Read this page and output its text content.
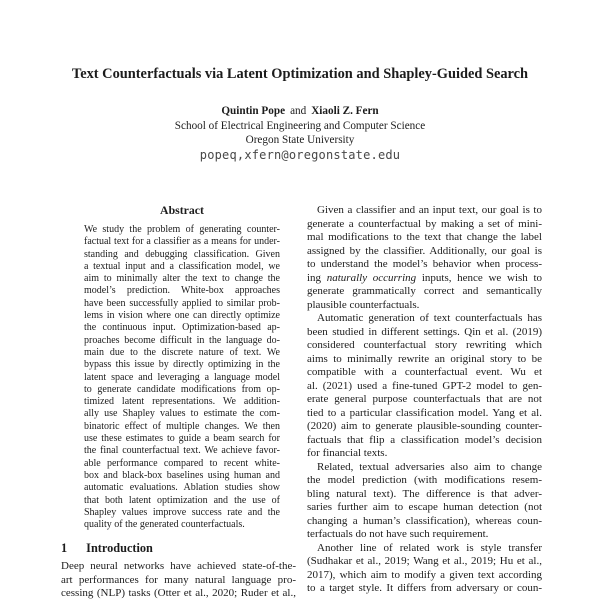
Text Counterfactuals via Latent Optimization and Shapley-Guided Search
Quintin Pope and Xiaoli Z. Fern
School of Electrical Engineering and Computer Science
Oregon State University
popeq,xfern@oregonstate.edu
Abstract
We study the problem of generating counter-
factual text for a classifier as a means for under-
standing and debugging classification. Given
a textual input and a classification model, we
aim to minimally alter the text to change the
model’s prediction. White-box approaches
have been successfully applied to similar prob-
lems in vision where one can directly optimize
the continuous input. Optimization-based ap-
proaches become difficult in the language do-
main due to the discrete nature of text. We
bypass this issue by directly optimizing in the
latent space and leveraging a language model
to generate candidate modifications from op-
timized latent representations. We addition-
ally use Shapley values to estimate the com-
binatoric effect of multiple changes. We then
use these estimates to guide a beam search for
the final counterfactual text. We achieve favor-
able performance compared to recent white-
box and black-box baselines using human and
automatic evaluations. Ablation studies show
that both latent optimization and the use of
Shapley values improve success rate and the
quality of the generated counterfactuals.
1 Introduction
Deep neural networks have achieved state-of-the-
art performances for many natural language pro-
cessing (NLP) tasks (Otter et al., 2020; Ruder et al.,
Given a classifier and an input text, our goal is to
generate a counterfactual by making a set of mini-
mal modifications to the text that change the label
assigned by the classifier. Additionally, our goal is
to understand the model’s behavior when process-
ing naturally occurring inputs, hence we wish to
generate grammatically correct and semantically
plausible counterfactuals.
Automatic generation of text counterfactuals has
been studied in different settings. Qin et al. (2019)
considered counterfactual story rewriting which
aims to minimally rewrite an original story to be
compatible with a counterfactual event. Wu et
al. (2021) used a fine-tuned GPT-2 model to gen-
erate general purpose counterfactuals that are not
tied to a particular classification model. Yang et al.
(2020) aim to generate plausible-sounding counter-
factuals that flip a classification model’s decision
for financial texts.
Related, textual adversaries also aim to change
the model prediction (with modifications resem-
bling natural text). The difference is that adver-
saries further aim to escape human detection (not
changing a human’s classification), whereas coun-
terfactuals do not have such requirement.
Another line of related work is style transfer
(Sudhakar et al., 2019; Wang et al., 2019; Hu et al.,
2017), which aim to modify a given text according
to a target style. It differs from adversary or coun-
